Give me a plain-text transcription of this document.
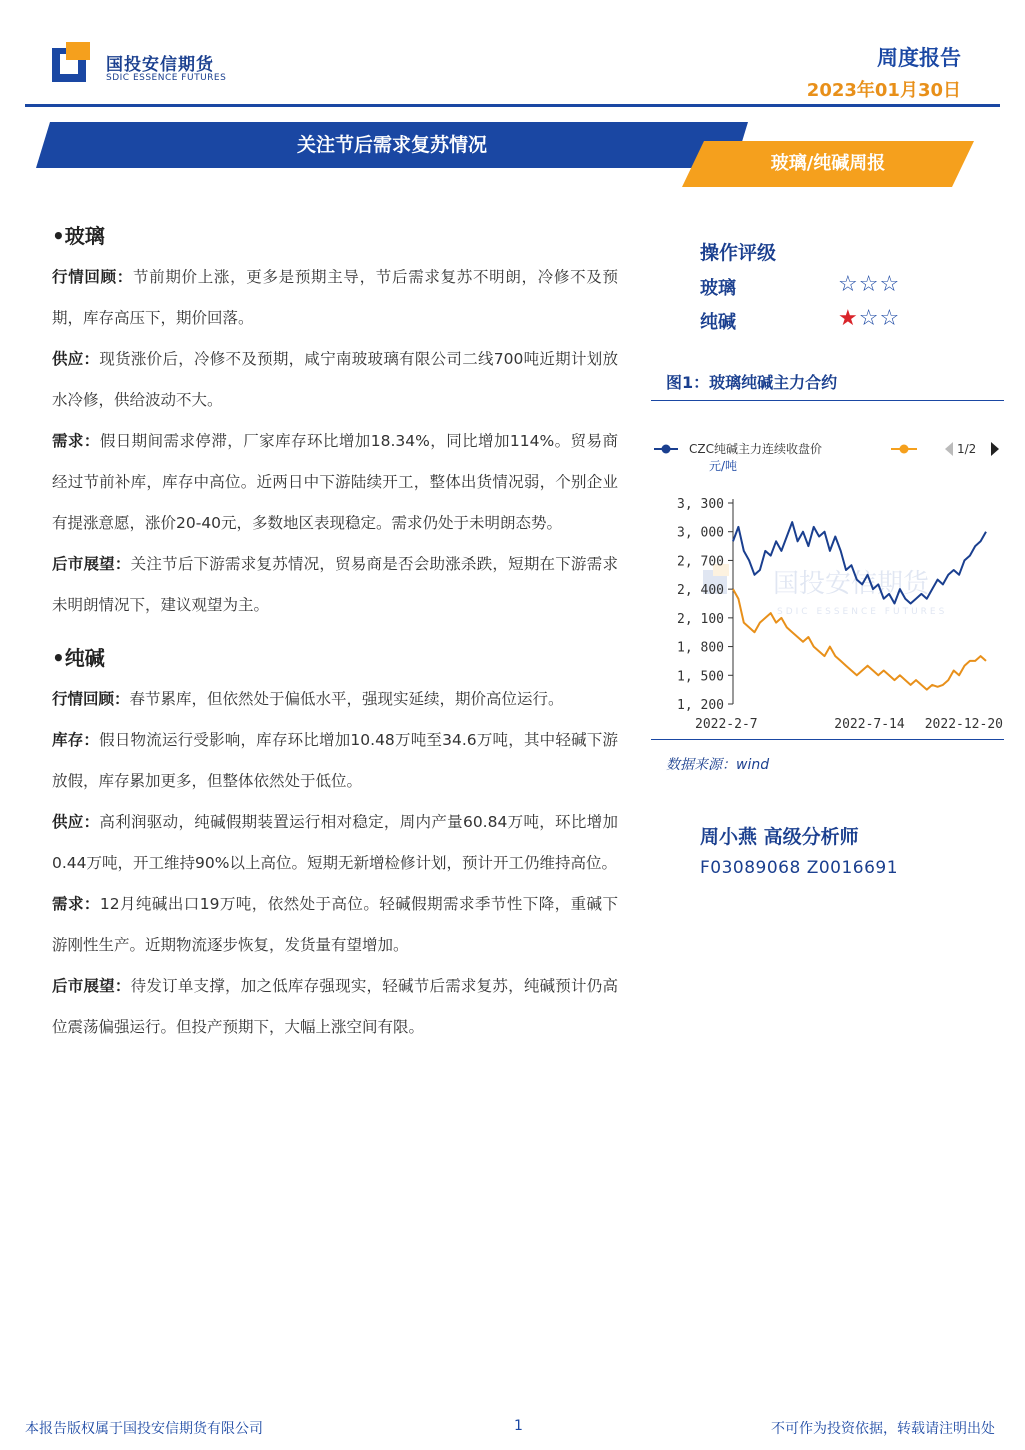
国投安信期货
SDIC ESSENCE FUTURES
周度报告
2023年01月30日
关注节后需求复苏情况
玻璃/纯碱周报
•玻璃

行情回顾：节前期价上涨，更多是预期主导，节后需求复苏不明朗，冷修不及预期，库存高压下，期价回落。

供应：现货涨价后，冷修不及预期，咸宁南玻玻璃有限公司二线700吨近期计划放水冷修，供给波动不大。

需求：假日期间需求停滞，厂家库存环比增加18.34%，同比增加114%。贸易商经过节前补库，库存中高位。近两日中下游陆续开工，整体出货情况弱，个别企业有提涨意愿，涨价20-40元，多数地区表现稳定。需求仍处于未明朗态势。

后市展望：关注节后下游需求复苏情况，贸易商是否会助涨杀跌，短期在下游需求未明朗情况下，建议观望为主。

•纯碱

行情回顾：春节累库，但依然处于偏低水平，强现实延续，期价高位运行。

库存：假日物流运行受影响，库存环比增加10.48万吨至34.6万吨，其中轻碱下游放假，库存累加更多，但整体依然处于低位。

供应：高利润驱动，纯碱假期装置运行相对稳定，周内产量60.84万吨，环比增加0.44万吨，开工维持90%以上高位。短期无新增检修计划，预计开工仍维持高位。

需求：12月纯碱出口19万吨，依然处于高位。轻碱假期需求季节性下降，重碱下游刚性生产。近期物流逐步恢复，发货量有望增加。

后市展望：待发订单支撑，加之低库存强现实，轻碱节后需求复苏，纯碱预计仍高位震荡偏强运行。但投产预期下，大幅上涨空间有限。

操作评级
玻璃	☆☆☆
纯碱	★☆☆
图1：玻璃纯碱主力合约
CZC纯碱主力连续收盘价	1/2
元/吨
国投安信期货
SDIC ESSENCE FUTURES
3, 300
3, 000
2, 700
2, 400
2, 100
1, 800
1, 500
1, 200
2022-2-7	2022-7-14 2022-12-20
数据来源：wind
周小燕 高级分析师
F03089068 Z0016691
本报告版权属于国投安信期货有限公司	1	不可作为投资依据，转载请注明出处
